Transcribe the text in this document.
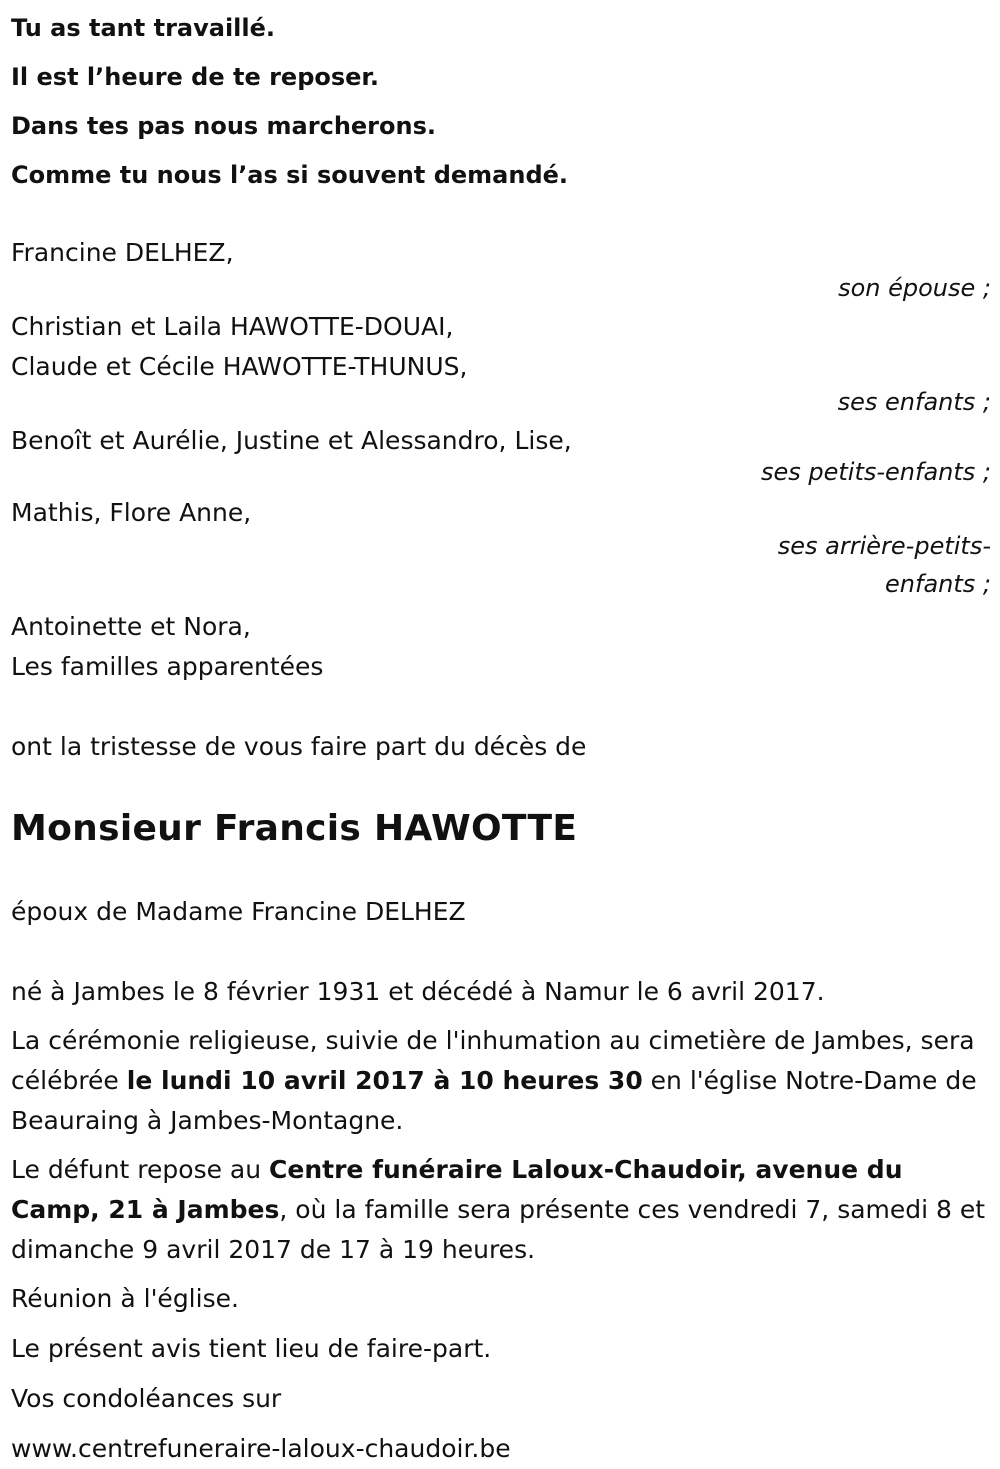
Tu as tant travaillé.
Il est l’heure de te reposer.
Dans tes pas nous marcherons.
Comme tu nous l’as si souvent demandé.

Francine DELHEZ,

son épouse ;

Christian et Laila HAWOTTE-DOUAI,

Claude et Cécile HAWOTTE-THUNUS,

ses enfants ;

Benoît et Aurélie, Justine et Alessandro, Lise,

ses petits-enfants ;

Mathis, Flore Anne,

ses arrière-petits-

enfants ;

Antoinette et Nora,

Les familles apparentées

ont la tristesse de vous faire part du décès de

Monsieur Francis HAWOTTE

époux de Madame Francine DELHEZ

né à Jambes le 8 février 1931 et décédé à Namur le 6 avril 2017.

La cérémonie religieuse, suivie de l'inhumation au cimetière de Jambes, sera célébrée le lundi 10 avril 2017 à 10 heures 30 en l'église Notre-Dame de Beauraing à Jambes-Montagne.

Le défunt repose au Centre funéraire Laloux-Chaudoir, avenue du Camp, 21 à Jambes, où la famille sera présente ces vendredi 7, samedi 8 et dimanche 9 avril 2017 de 17 à 19 heures.

Réunion à l'église.

Le présent avis tient lieu de faire-part.

Vos condoléances sur

www.centrefuneraire-laloux-chaudoir.be
